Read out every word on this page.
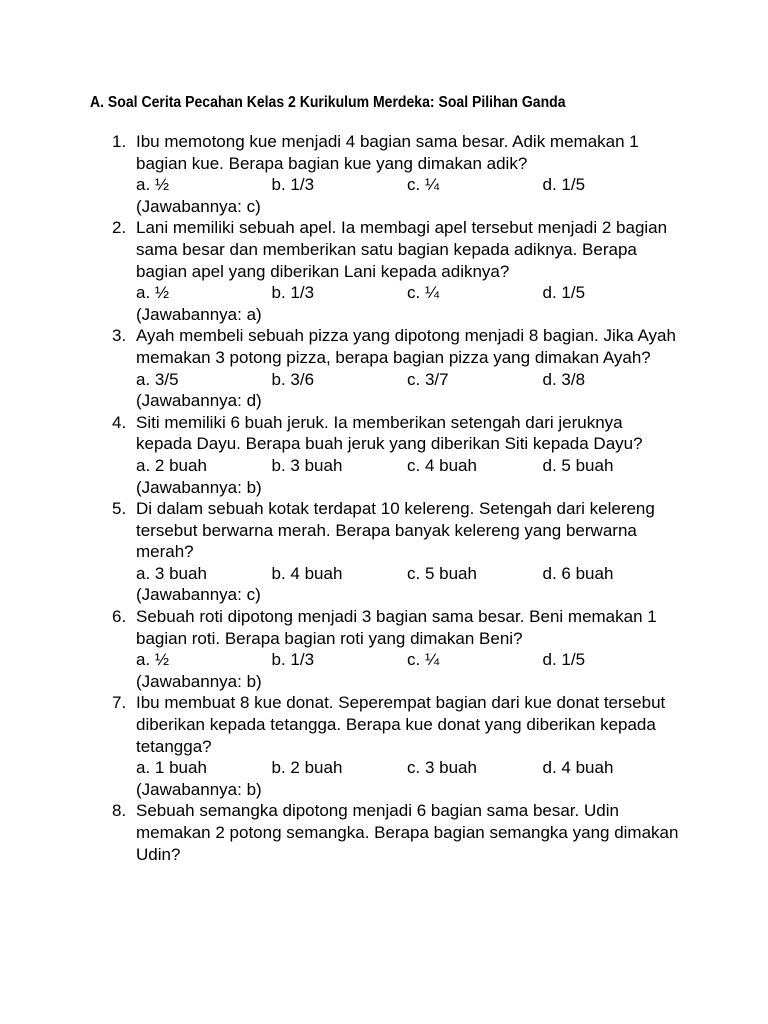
A. Soal Cerita Pecahan Kelas 2 Kurikulum Merdeka: Soal Pilihan Ganda
1. Ibu memotong kue menjadi 4 bagian sama besar. Adik memakan 1 bagian kue. Berapa bagian kue yang dimakan adik?
a. ½	b. 1/3	c. ¼	d. 1/5
(Jawabannya: c)
2. Lani memiliki sebuah apel. Ia membagi apel tersebut menjadi 2 bagian sama besar dan memberikan satu bagian kepada adiknya. Berapa bagian apel yang diberikan Lani kepada adiknya?
a. ½	b. 1/3	c. ¼	d. 1/5
(Jawabannya: a)
3. Ayah membeli sebuah pizza yang dipotong menjadi 8 bagian. Jika Ayah memakan 3 potong pizza, berapa bagian pizza yang dimakan Ayah?
a. 3/5	b. 3/6	c. 3/7	d. 3/8
(Jawabannya: d)
4. Siti memiliki 6 buah jeruk. Ia memberikan setengah dari jeruknya kepada Dayu. Berapa buah jeruk yang diberikan Siti kepada Dayu?
a. 2 buah	b. 3 buah	c. 4 buah	d. 5 buah
(Jawabannya: b)
5. Di dalam sebuah kotak terdapat 10 kelereng. Setengah dari kelereng tersebut berwarna merah. Berapa banyak kelereng yang berwarna merah?
a. 3 buah	b. 4 buah	c. 5 buah	d. 6 buah
(Jawabannya: c)
6. Sebuah roti dipotong menjadi 3 bagian sama besar. Beni memakan 1 bagian roti. Berapa bagian roti yang dimakan Beni?
a. ½	b. 1/3	c. ¼	d. 1/5
(Jawabannya: b)
7. Ibu membuat 8 kue donat. Seperempat bagian dari kue donat tersebut diberikan kepada tetangga. Berapa kue donat yang diberikan kepada tetangga?
a. 1 buah	b. 2 buah	c. 3 buah	d. 4 buah
(Jawabannya: b)
8. Sebuah semangka dipotong menjadi 6 bagian sama besar. Udin memakan 2 potong semangka. Berapa bagian semangka yang dimakan Udin?
